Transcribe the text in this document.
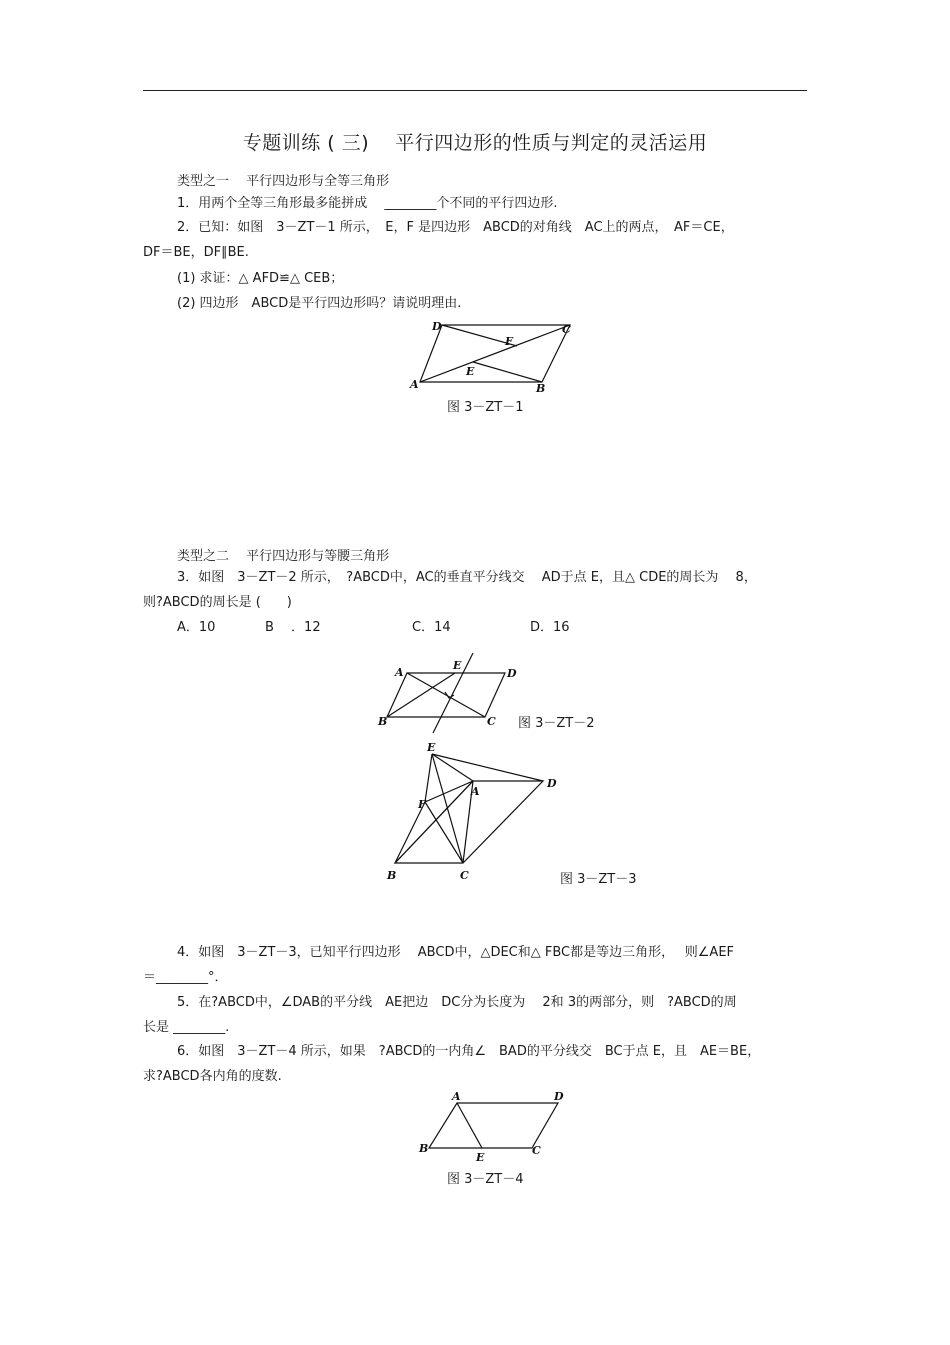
专题训练 ( 三)　 平行四边形的性质与判定的灵活运用
类型之一　 平行四边形与全等三角形
1．用两个全等三角形最多能拼成　 ________个不同的平行四边形.
2．已知：如图　3－ZT－1 所示，　E，F 是四边形　ABCD的对角线　AC上的两点，　AF＝CE，
DF＝BE，DF∥BE.
(1) 求证：△ AFD≌△ CEB；
(2) 四边形　ABCD是平行四边形吗？请说明理由.
A	B
C
D
E
F
图 3－ZT－1
类型之二　 平行四边形与等腰三角形
3．如图　3－ZT－2 所示，　?ABCD中，AC的垂直平分线交　 AD于点 E，且△ CDE的周长为　 8，
则?ABCD的周长是 (　　)
A．10	B　 ．12	C．14	D．16
B	C
A	D
E
图 3－ZT－2
E
A
D
F
B	C	图 3－ZT－3
4．如图　3－ZT－3，已知平行四边形　 ABCD中，△DEC和△ FBC都是等边三角形，　 则∠AEF
＝________°．
5．在?ABCD中，∠DAB的平分线　AE把边　DC分为长度为　 2和 3的两部分，则　?ABCD的周
长是 ________.
6．如图　3－ZT－4 所示，如果　?ABCD的一内角∠　BAD的平分线交　BC于点 E，且　AE＝BE，
求?ABCD各内角的度数.
A	D
B	C
E
图 3－ZT－4
